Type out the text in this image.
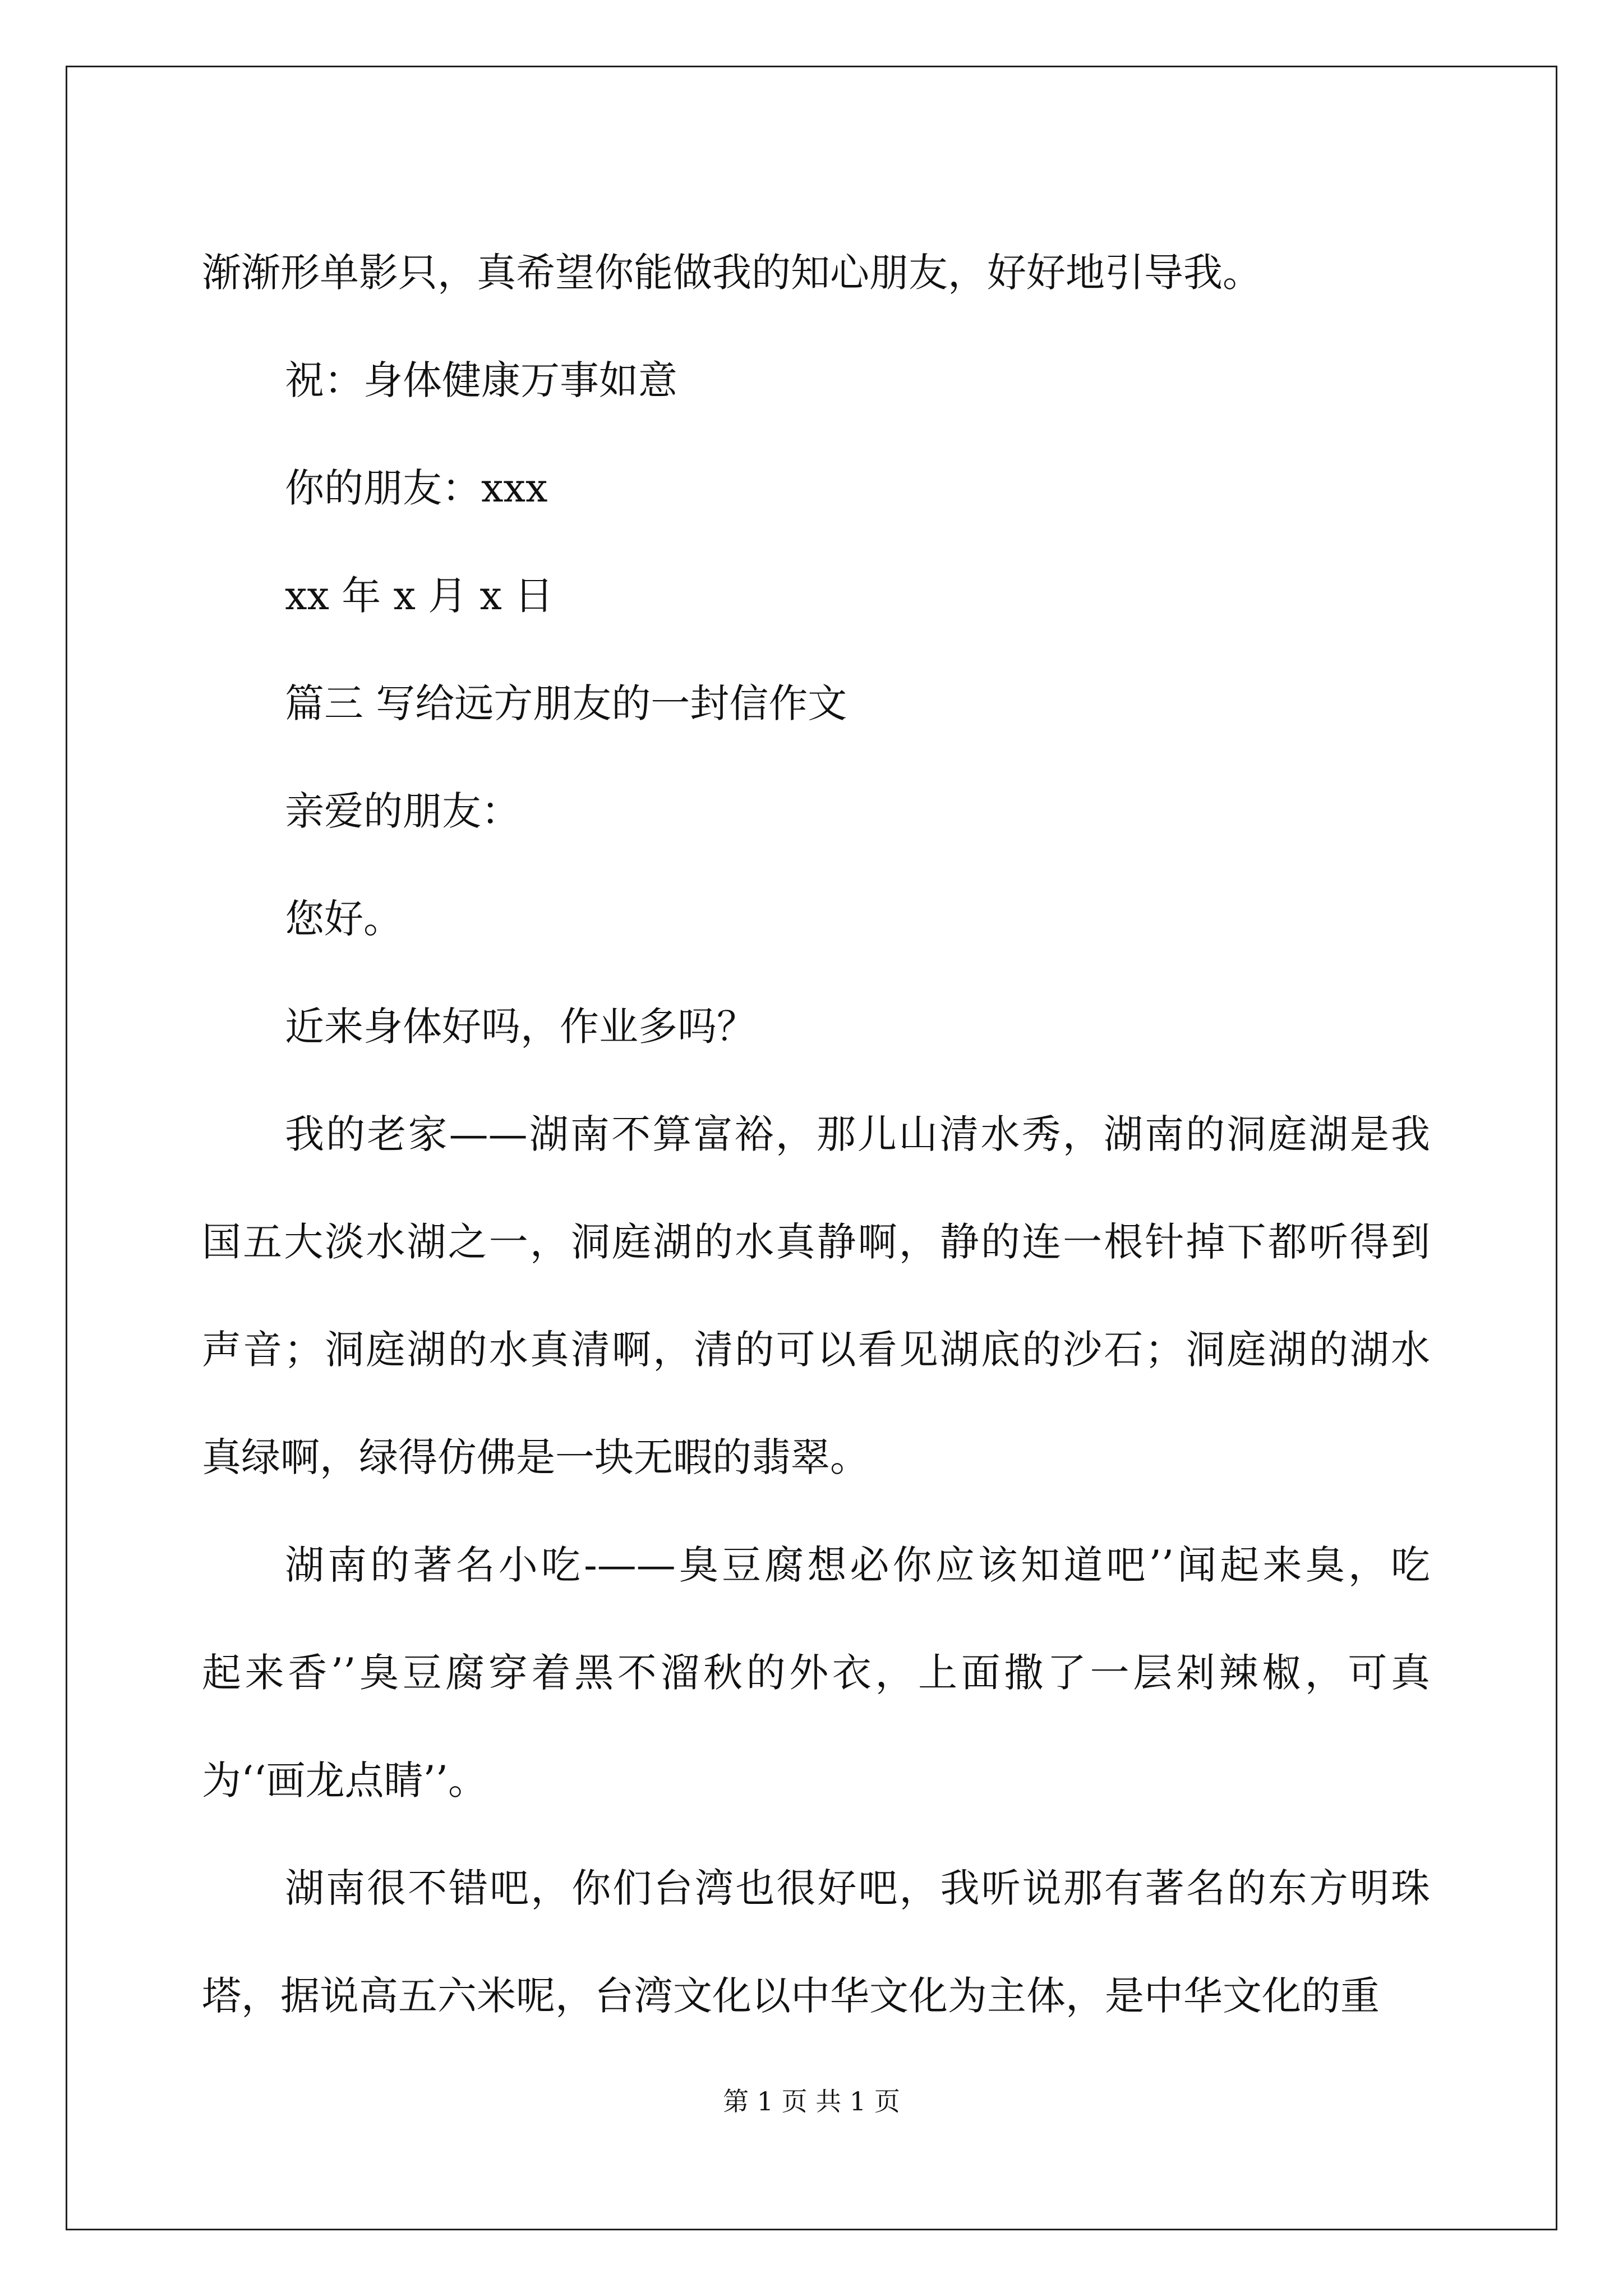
渐渐形单影只，真希望你能做我的知心朋友，好好地引导我。

祝：身体健康万事如意

你的朋友：xxx

xx 年 x 月 x 日

篇三 写给远方朋友的一封信作文

亲爱的朋友：

您好。

近来身体好吗，作业多吗？

我的老家——湖南不算富裕，那儿山清水秀，湖南的洞庭湖是我
国五大淡水湖之一，洞庭湖的水真静啊，静的连一根针掉下都听得到
声音；洞庭湖的水真清啊，清的可以看见湖底的沙石；洞庭湖的湖水
真绿啊，绿得仿佛是一块无暇的翡翠。

湖南的著名小吃-——臭豆腐想必你应该知道吧’’闻起来臭，吃
起来香’’臭豆腐穿着黑不溜秋的外衣，上面撒了一层剁辣椒，可真
为‘‘画龙点睛’’。

湖南很不错吧，你们台湾也很好吧，我听说那有著名的东方明珠
塔，据说高五六米呢，台湾文化以中华文化为主体，是中华文化的重

第 1 页 共 1 页
